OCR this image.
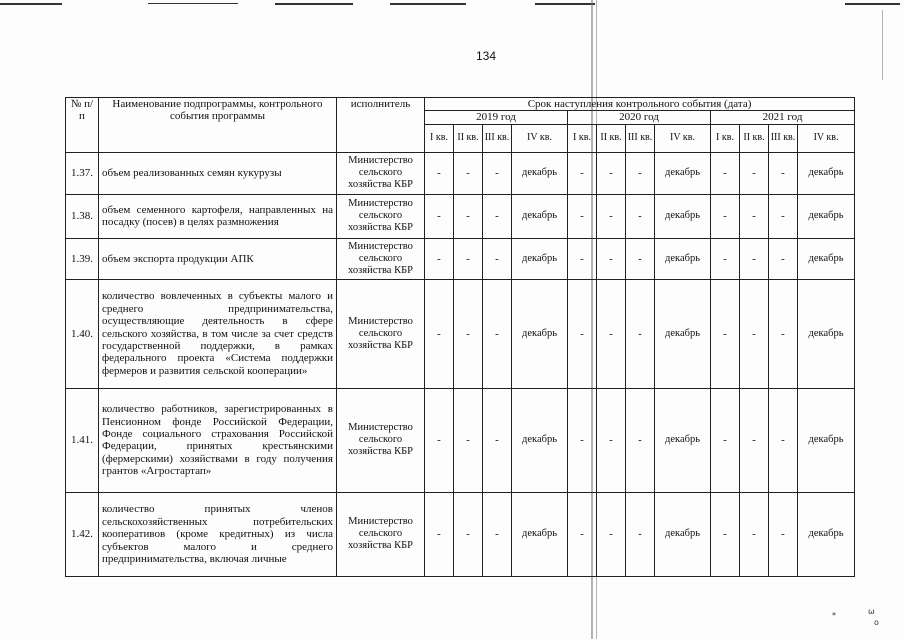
134
№ п/п	Наименование подпрограммы, контрольного события программы	исполнитель	Срок наступления контрольного события (дата)											
			2019 год				2020 год				2021 год			
			I кв.	II кв.	III кв.	IV кв.	I кв.	II кв.	III кв.	IV кв.	I кв.	II кв.	III кв.	IV кв.
1.37.	объем реализованных семян кукурузы	Министерство сельского хозяйства КБР	-	-	-	декабрь	-	-	-	декабрь	-	-	-	декабрь
1.38.	объем семенного картофеля, направленных на посадку (посев) в целях размножения	Министерство сельского хозяйства КБР	-	-	-	декабрь	-	-	-	декабрь	-	-	-	декабрь
1.39.	объем экспорта продукции АПК	Министерство сельского хозяйства КБР	-	-	-	декабрь	-	-	-	декабрь	-	-	-	декабрь
1.40.	количество вовлеченных в субъекты малого и среднего предпринимательства, осуществляющие деятельность в сфере сельского хозяйства, в том числе за счет средств государственной поддержки, в рамках федерального проекта «Система поддержки фермеров и развития сельской кооперации»	Министерство сельского хозяйства КБР	-	-	-	декабрь	-	-	-	декабрь	-	-	-	декабрь
1.41.	количество работников, зарегистрированных в Пенсионном фонде Российской Федерации, Фонде социального страхования Российской Федерации, принятых крестьянскими (фермерскими) хозяйствами в году получения грантов «Агростартап»	Министерство сельского хозяйства КБР	-	-	-	декабрь	-	-	-	декабрь	-	-	-	декабрь
1.42.	количество принятых членов сельскохозяйственных потребительских кооперативов (кроме кредитных) из числа субъектов малого и среднего предпринимательства, включая личные	Министерство сельского хозяйства КБР	-	-	-	декабрь	-	-	-	декабрь	-	-	-	декабрь
*	ω
o
